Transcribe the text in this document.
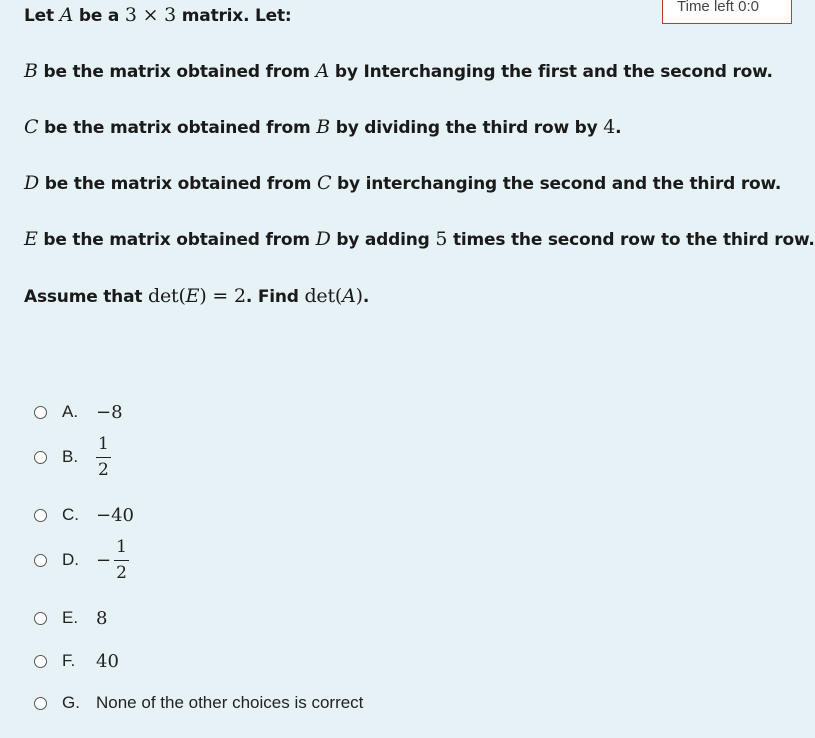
Time left 0:0
Let A be a 3 × 3 matrix. Let:
B be the matrix obtained from A by Interchanging the first and the second row.
C be the matrix obtained from B by dividing the third row by 4.
D be the matrix obtained from C by interchanging the second and the third row.
E be the matrix obtained from D by adding 5 times the second row to the third row.
Assume that det(E) = 2. Find det(A).
A. −8
B.	$\frac{1}{2}$
C. −40
D. − $\frac{1}{2}$
E. 8
F.	40
G. None of the other choices is correct
